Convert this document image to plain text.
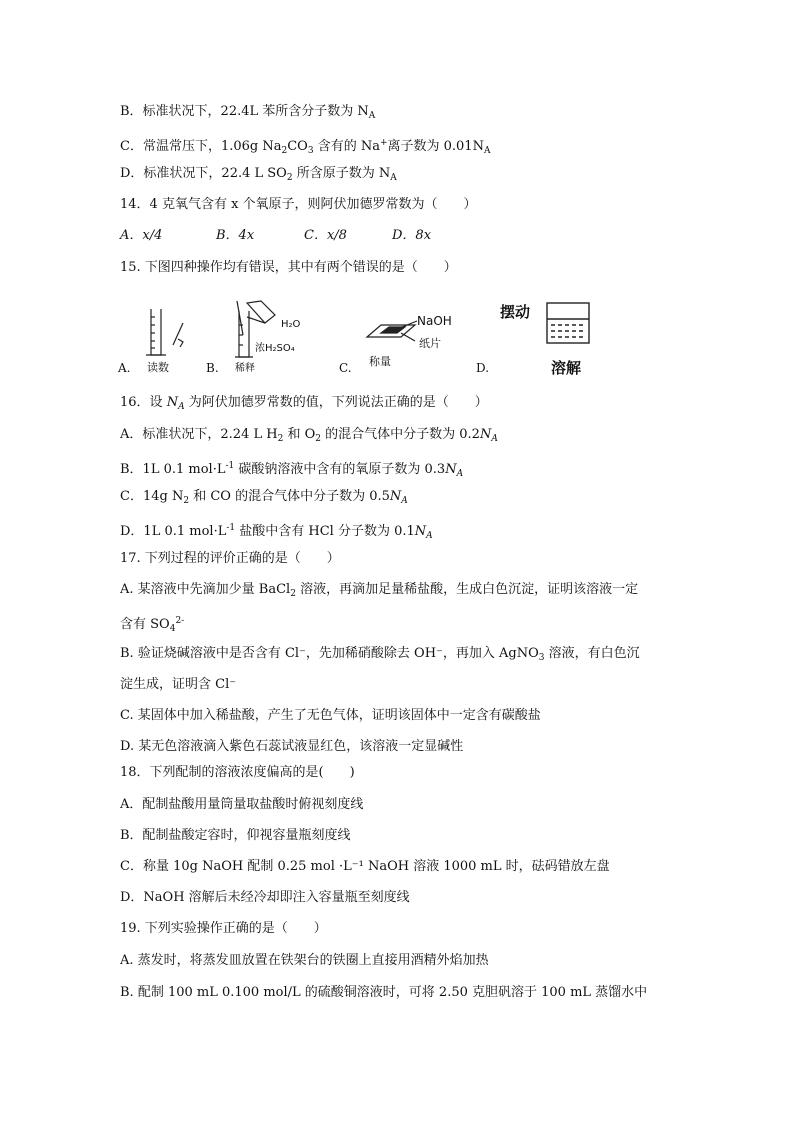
B．标准状况下，22.4L 苯所含分子数为 $N_A$
C．常温常压下，1.06g $Na_2CO_3$ 含有的 Na+离子数为 $0.01N_A$
D．标准状况下，22.4 L $SO_2$ 所含原子数为 $N_A$
14．4 克氧气含有 x 个氧原子，则阿伏加德罗常数为（　　）
A．x/4	B．4x	C．x/8	D．8x
15. 下图四种操作均有错误，其中有两个错误的是（　　）
A.	B.	C.	D.
读数
H₂O
浓H₂SO₄
稀释
NaOH
纸片
称量
摆动
溶解
16．设 $N_A$ 为阿伏加德罗常数的值，下列说法正确的是（　　）
A．标准状况下，2.24 L $H_2$ 和 $O_2$ 的混合气体中分子数为 $0.2N_A$
B．1L 0.1 $mol\cdot L^{-1}$ 碳酸钠溶液中含有的氧原子数为 $0.3N_A$
C．14g $N_2$ 和 CO 的混合气体中分子数为 $0.5N_A$
D．1L 0.1 $mol\cdot L^{-1}$ 盐酸中含有 HCl 分子数为 $0.1N_A$
17. 下列过程的评价正确的是（　　）
A. 某溶液中先滴加少量 BaCl$_2$ 溶液，再滴加足量稀盐酸，生成白色沉淀，证明该溶液一定
含有 $SO_4^{2-}$
B. 验证烧碱溶液中是否含有 Cl⁻，先加稀硝酸除去 OH⁻，再加入 AgNO$_3$ 溶液，有白色沉
淀生成，证明含 Cl⁻
C. 某固体中加入稀盐酸，产生了无色气体，证明该固体中一定含有碳酸盐
D. 某无色溶液滴入紫色石蕊试液显红色，该溶液一定显碱性
18．下列配制的溶液浓度偏高的是(　　)
A．配制盐酸用量筒量取盐酸时俯视刻度线
B．配制盐酸定容时，仰视容量瓶刻度线
C．称量 10g NaOH 配制 0.25 mol ·L⁻¹ NaOH 溶液 1000 mL 时，砝码错放左盘
D．NaOH 溶解后未经冷却即注入容量瓶至刻度线
19. 下列实验操作正确的是（　　）
A. 蒸发时，将蒸发皿放置在铁架台的铁圈上直接用酒精外焰加热
B. 配制 100 mL 0.100 mol/L 的硫酸铜溶液时，可将 2.50 克胆矾溶于 100 mL 蒸馏水中
